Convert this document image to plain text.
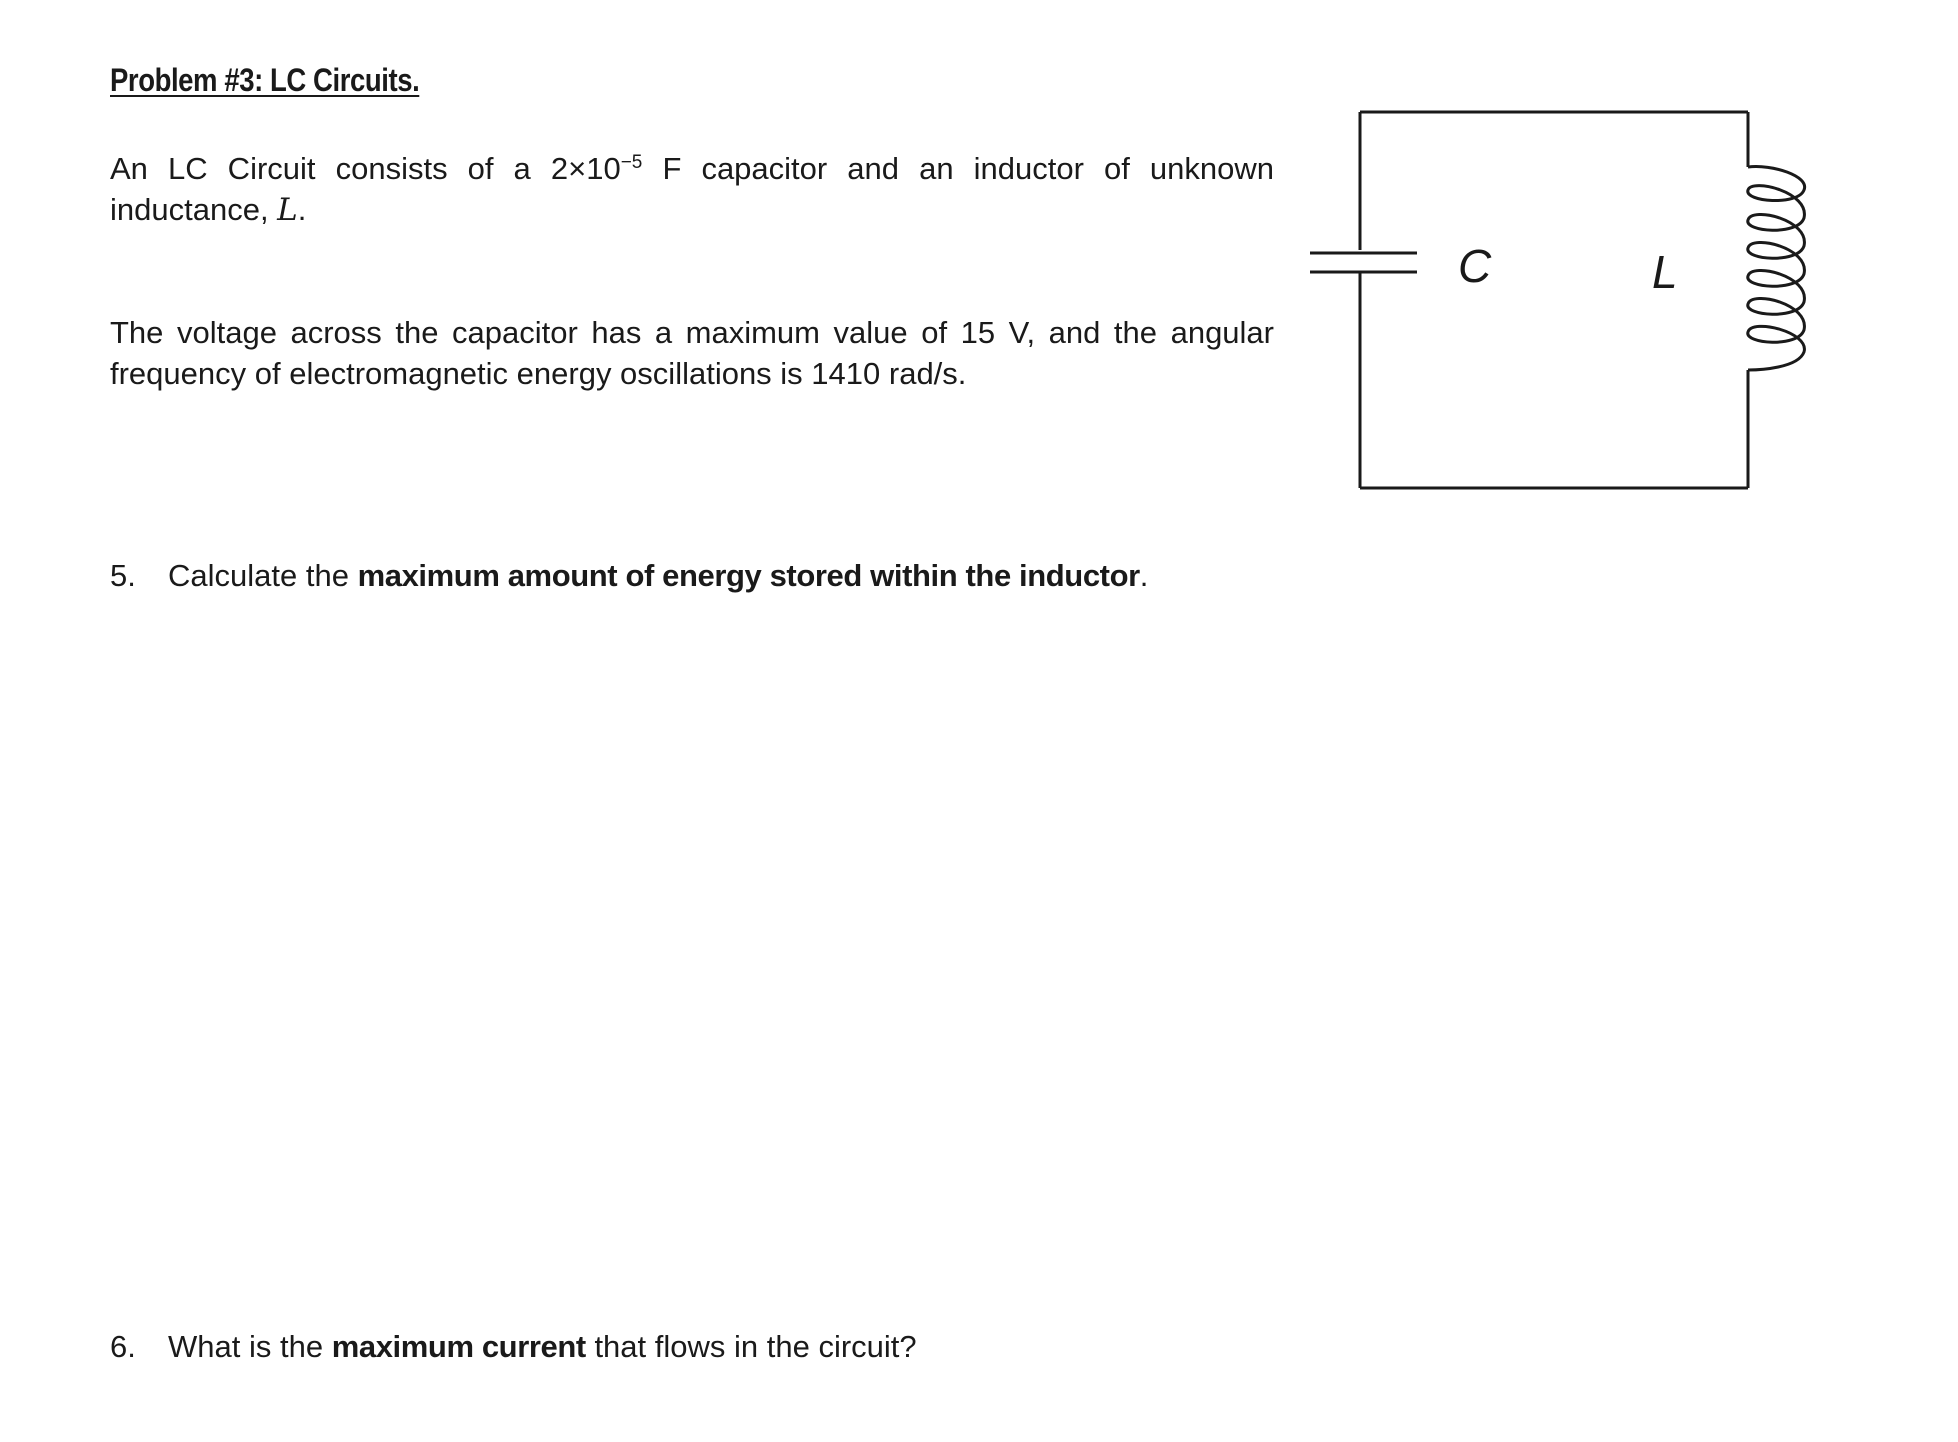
Problem #3: LC Circuits.

An LC Circuit consists of a $2\times 10^{-5}$ F capacitor and an inductor of unknown inductance, L.

The voltage across the capacitor has a maximum value of 15 V, and the angular frequency of electromagnetic energy oscillations is 1410 rad/s.

C	L

5. Calculate the maximum amount of energy stored within the inductor.

6. What is the maximum current that flows in the circuit?
